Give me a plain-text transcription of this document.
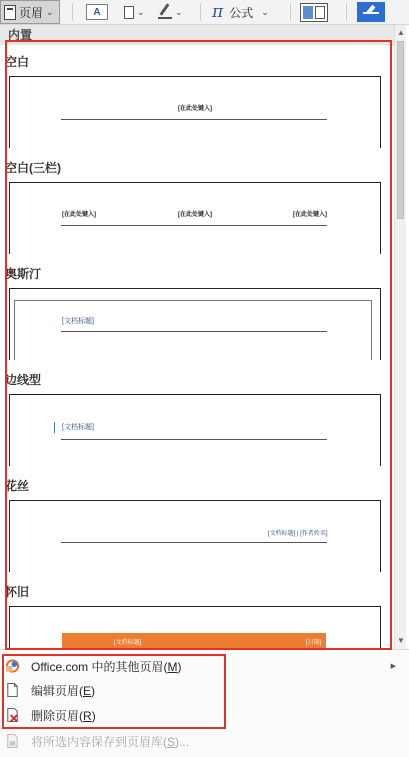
页眉 ⌄	A	⌄	⌄ π 公式 ⌄
内置
空白
[在此处键入]
空白(三栏)
[在此处键入]	[在此处键入]	[在此处键入]
奥斯汀
[文档标题]
边线型
[文档标题]
花丝
[文档标题] | [作者姓名]
怀旧
[文档标题]	[日期]
▲
▼
Office.com 中的其他页眉(M)	▶
编辑页眉(E)
删除页眉(R)
将所选内容保存到页眉库(S)...
